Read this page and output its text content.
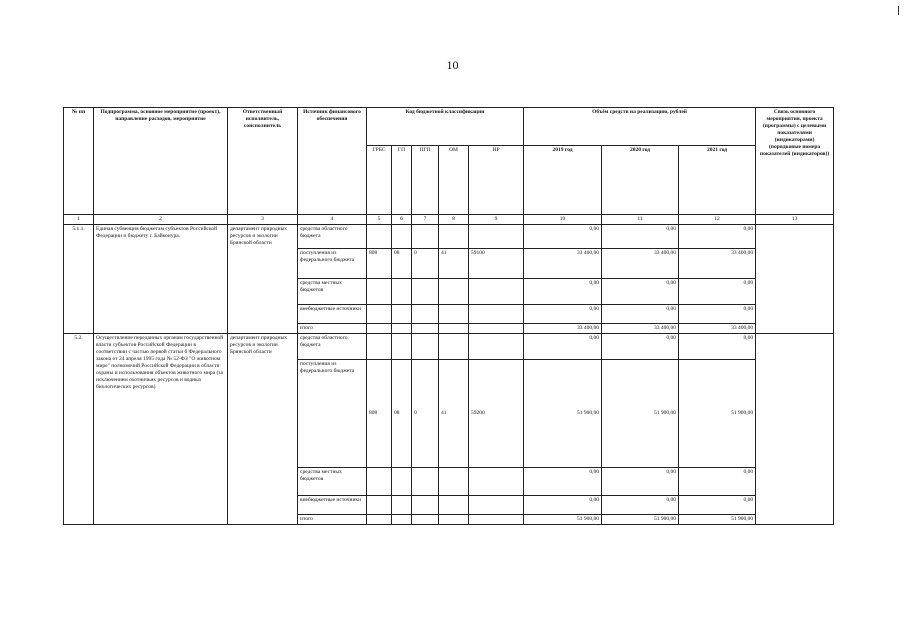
10
№ пп	Подпрограмма, основное мероприятие (проект), направление расходов, мероприятие	Ответственный исполнитель, соисполнитель	Источник финансового обеспечения	Код бюджетной классификации					Объём средств на реализацию, рублей			Связь основного мероприятия, проекта (программы) с целевыми показателями (индикаторами) (порядковые номера показателей (индикаторов))
				ГРБС	ГП	ПГП	ОМ	НР	2019 год	2020 год	2021 год	
1	2	3	4	5	6	7	8	9	10	11	12	13
5.1.1.	Единая субвенция бюджетам субъектов Российской Федерации и бюджету г. Байконура.	департамент природных ресурсов и экологии Брянской области	средства областного бюджета						0,00	0,00	0,00	
			поступления из федерального бюджета	808	08	0	41	59100	33 400,00	33 400,00	33 400,00	
			средства местных бюджетов						0,00	0,00	0,00	
			внебюджетные источники						0,00	0,00	0,00	
			итого						33 400,00	33 400,00	33 400,00	
5.2.	Осуществление переданных органам государственной власти субъектов Российской Федерации в соответствии с частью первой статьи 6 Федерального закона от 24 апреля 1995 года № 52-ФЗ "О животном мире" полномочий Российской Федерации в области охраны и использования объектов животного мира (за исключением охотничьих ресурсов и водных биологических ресурсов)	департамент природных ресурсов и экологии Брянской области	средства областного бюджета						0,00	0,00	0,00	
			поступления из федерального бюджета	808	08	0	41	59200	51 900,00	51 900,00	51 900,00	
			средства местных бюджетов						0,00	0,00	0,00	
			внебюджетные источники						0,00	0,00	0,00	
			итого						51 900,00	51 900,00	51 900,00	
